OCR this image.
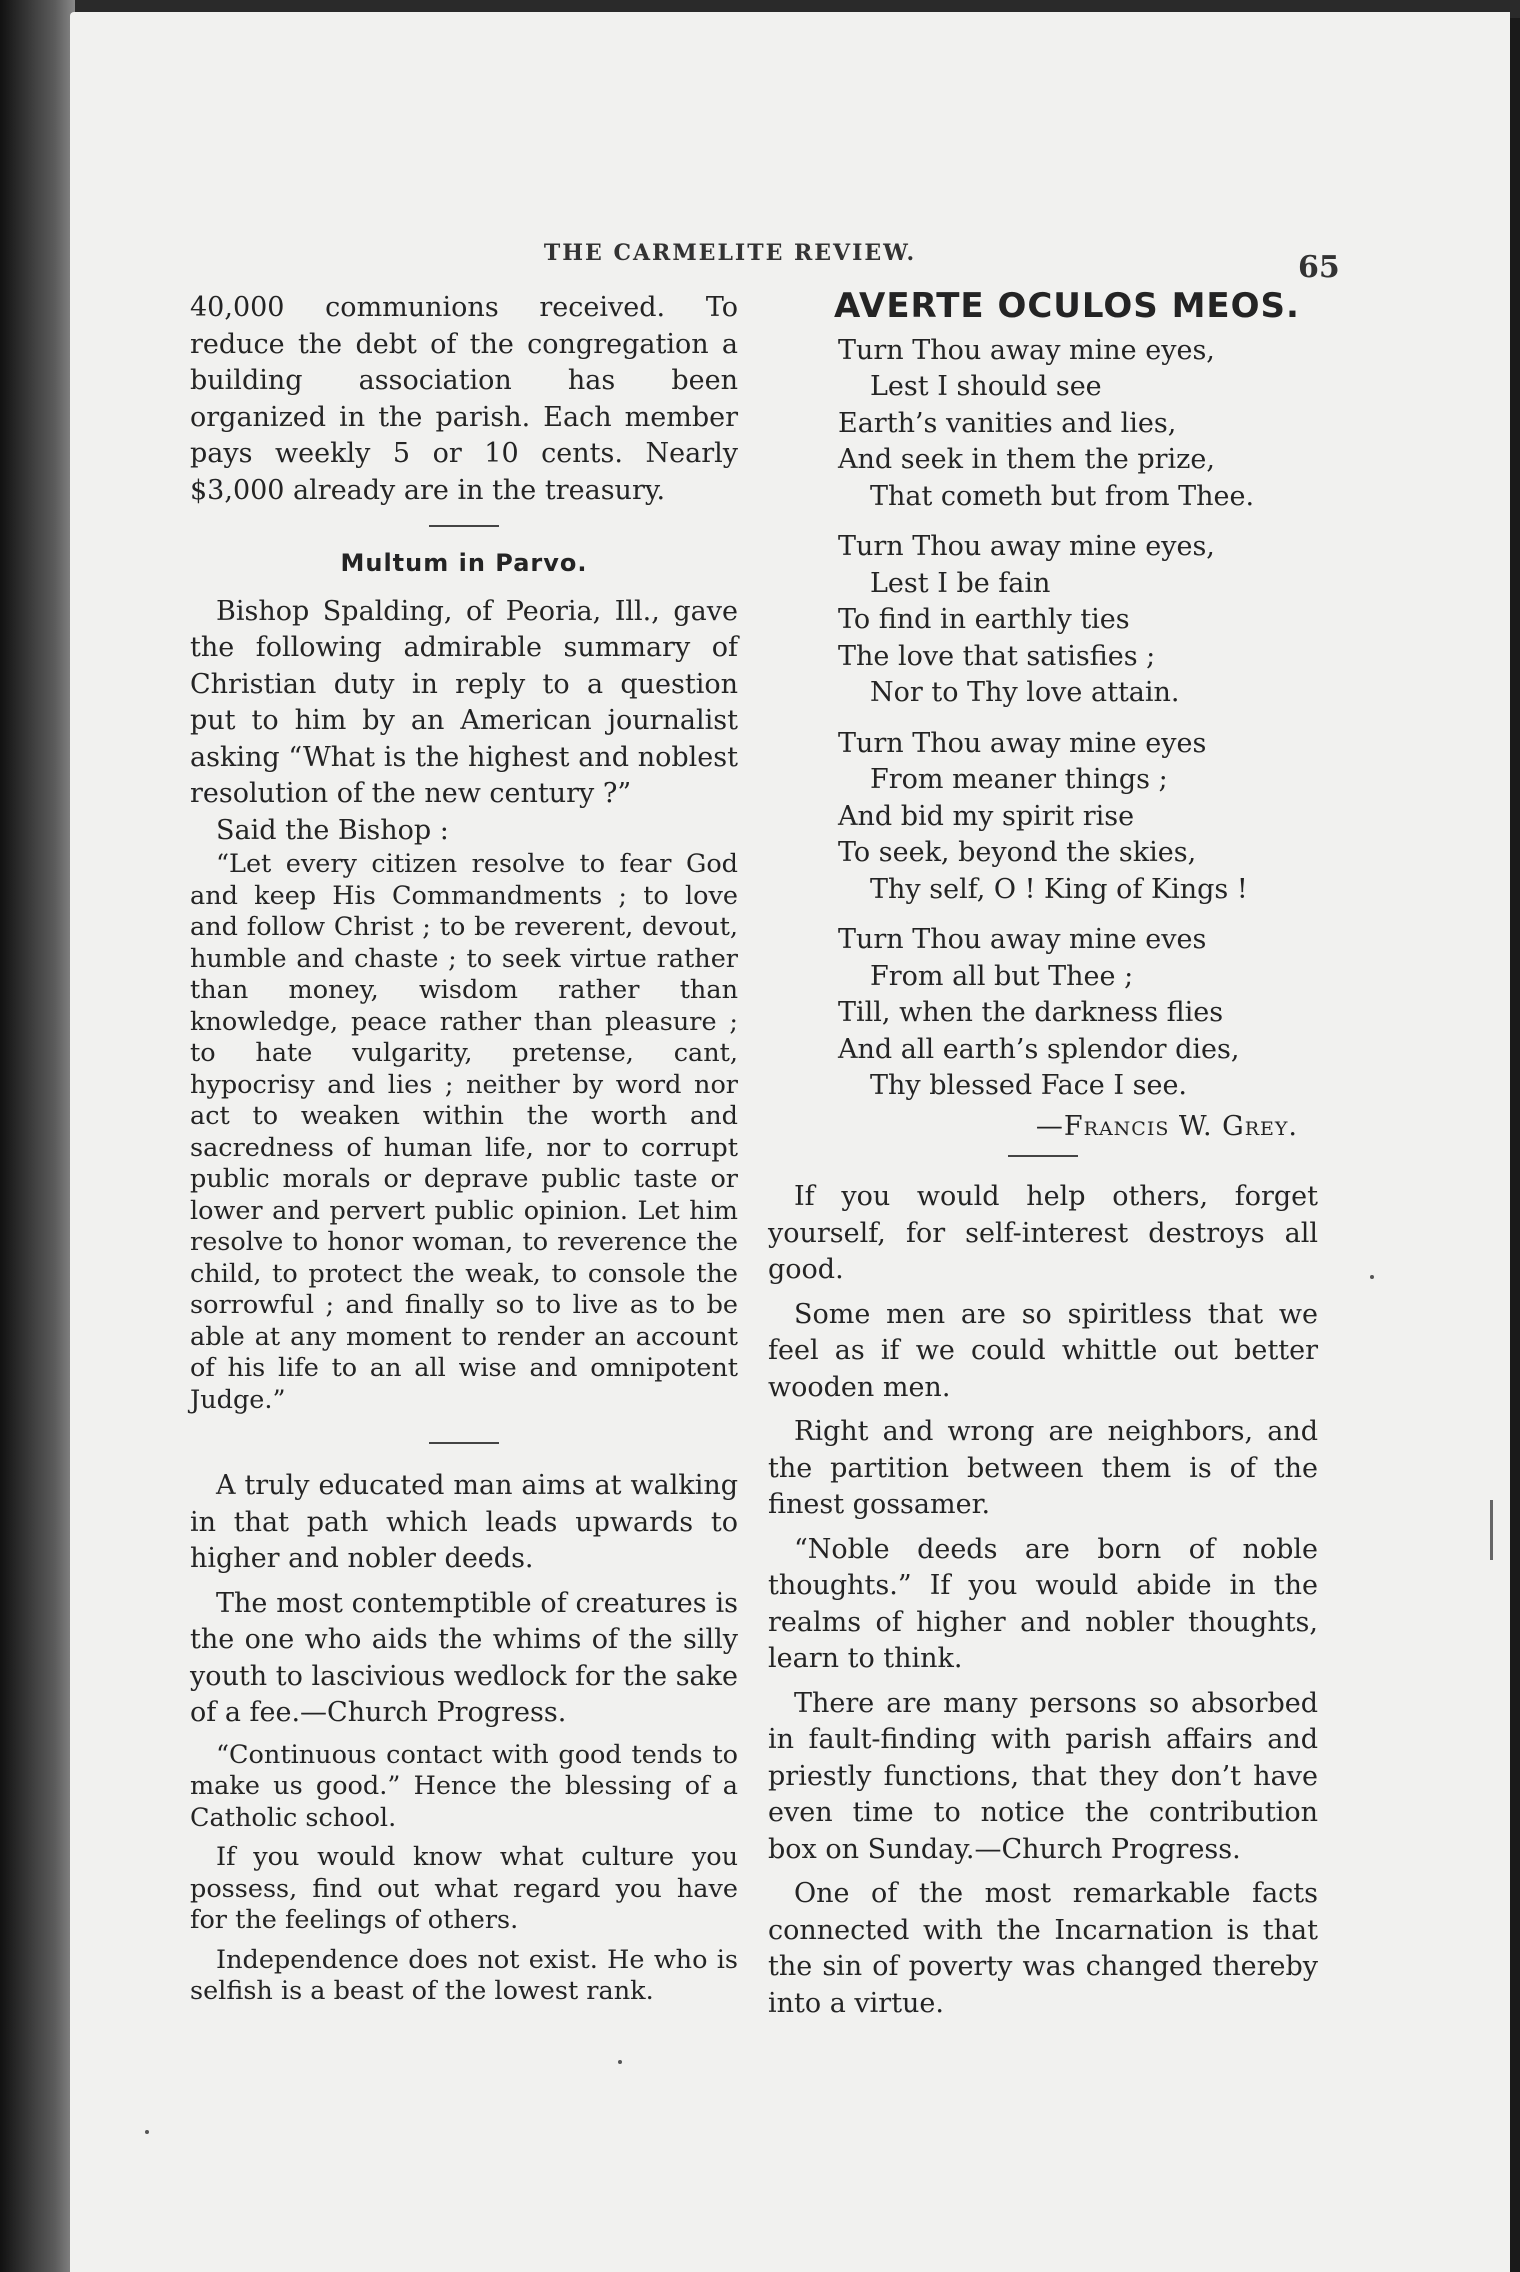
THE CARMELITE REVIEW.	65

40,000 communions received. To reduce the debt of the congregation a building association has been organized in the parish. Each member pays weekly 5 or 10 cents. Nearly $3,000 already are in the treasury.

Multum in Parvo.

Bishop Spalding, of Peoria, Ill., gave the following admirable summary of Christian duty in reply to a question put to him by an American journalist asking “What is the highest and noblest resolution of the new century ?”

Said the Bishop :

“Let every citizen resolve to fear God and keep His Commandments ; to love and follow Christ ; to be reverent, devout, humble and chaste ; to seek virtue rather than money, wisdom rather than knowledge, peace rather than pleasure ; to hate vulgarity, pretense, cant, hypocrisy and lies ; neither by word nor act to weaken within the worth and sacredness of human life, nor to corrupt public morals or deprave public taste or lower and pervert public opinion. Let him resolve to honor woman, to reverence the child, to protect the weak, to console the sorrowful ; and finally so to live as to be able at any moment to render an account of his life to an all wise and omnipotent Judge.”

A truly educated man aims at walking in that path which leads upwards to higher and nobler deeds.

The most contemptible of creatures is the one who aids the whims of the silly youth to lascivious wedlock for the sake of a fee.—Church Progress.

“Continuous contact with good tends to make us good.” Hence the blessing of a Catholic school.

If you would know what culture you possess, find out what regard you have for the feelings of others.

Independence does not exist. He who is selfish is a beast of the lowest rank.

AVERTE OCULOS MEOS.
Turn Thou away mine eyes,
Lest I should see
Earth’s vanities and lies,
And seek in them the prize,
That cometh but from Thee.
Turn Thou away mine eyes,
Lest I be fain
To find in earthly ties
The love that satisfies ;
Nor to Thy love attain.
Turn Thou away mine eyes
From meaner things ;
And bid my spirit rise
To seek, beyond the skies,
Thy self, O ! King of Kings !
Turn Thou away mine eves
From all but Thee ;
Till, when the darkness flies
And all earth’s splendor dies,
Thy blessed Face I see.
—Francis W. Grey.

If you would help others, forget yourself, for self-interest destroys all good.

Some men are so spiritless that we feel as if we could whittle out better wooden men.

Right and wrong are neighbors, and the partition between them is of the finest gossamer.

“Noble deeds are born of noble thoughts.” If you would abide in the realms of higher and nobler thoughts, learn to think.

There are many persons so absorbed in fault-finding with parish affairs and priestly functions, that they don’t have even time to notice the contribution box on Sunday.—Church Progress.

One of the most remarkable facts connected with the Incarnation is that the sin of poverty was changed thereby into a virtue.
